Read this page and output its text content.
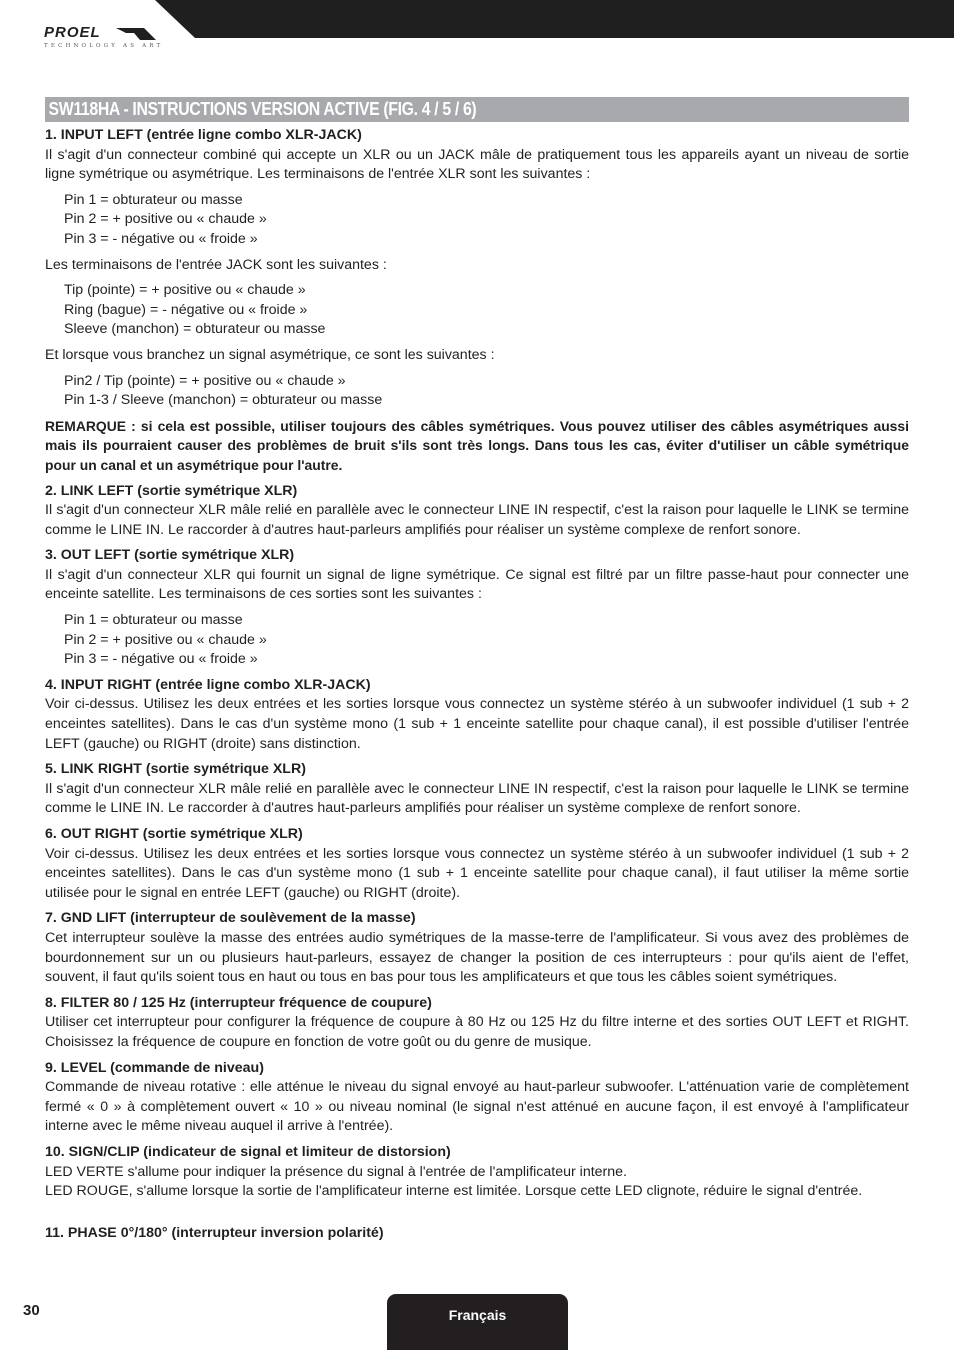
PROEL
TECHNOLOGY AS ART
SW118HA - INSTRUCTIONS VERSION ACTIVE (FIG. 4 / 5 / 6)

1. INPUT LEFT (entrée ligne combo XLR-JACK)

Il s'agit d'un connecteur combiné qui accepte un XLR ou un JACK mâle de pratiquement tous les appareils ayant un niveau de sortie ligne symétrique ou asymétrique. Les terminaisons de l'entrée XLR sont les suivantes :

Pin 1 = obturateur ou masse

Pin 2 = + positive ou « chaude »

Pin 3 = - négative ou « froide »

Les terminaisons de l'entrée JACK sont les suivantes :

Tip (pointe) = + positive ou « chaude »

Ring (bague) = - négative ou « froide »

Sleeve (manchon) = obturateur ou masse

Et lorsque vous branchez un signal asymétrique, ce sont les suivantes :

Pin2 / Tip (pointe) = + positive ou « chaude »

Pin 1-3 / Sleeve (manchon) = obturateur ou masse

REMARQUE : si cela est possible, utiliser toujours des câbles symétriques. Vous pouvez utiliser des câbles asymétriques aussi mais ils pourraient causer des problèmes de bruit s'ils sont très longs. Dans tous les cas, éviter d'utiliser un câble symétrique pour un canal et un asymétrique pour l'autre.

2. LINK LEFT (sortie symétrique XLR)

Il s'agit d'un connecteur XLR mâle relié en parallèle avec le connecteur LINE IN respectif, c'est la raison pour laquelle le LINK se termine comme le LINE IN. Le raccorder à d'autres haut-parleurs amplifiés pour réaliser un système complexe de renfort sonore.

3. OUT LEFT (sortie symétrique XLR)

Il s'agit d'un connecteur XLR qui fournit un signal de ligne symétrique. Ce signal est filtré par un filtre passe-haut pour connecter une enceinte satellite. Les terminaisons de ces sorties sont les suivantes :

Pin 1 = obturateur ou masse

Pin 2 = + positive ou « chaude »

Pin 3 = - négative ou « froide »

4. INPUT RIGHT (entrée ligne combo XLR-JACK)

Voir ci-dessus. Utilisez les deux entrées et les sorties lorsque vous connectez un système stéréo à un subwoofer individuel (1 sub + 2 enceintes satellites). Dans le cas d'un système mono (1 sub + 1 enceinte satellite pour chaque canal), il est possible d'utiliser l'entrée LEFT (gauche) ou RIGHT (droite) sans distinction.

5. LINK RIGHT (sortie symétrique XLR)

Il s'agit d'un connecteur XLR mâle relié en parallèle avec le connecteur LINE IN respectif, c'est la raison pour laquelle le LINK se termine comme le LINE IN. Le raccorder à d'autres haut-parleurs amplifiés pour réaliser un système complexe de renfort sonore.

6. OUT RIGHT (sortie symétrique XLR)

Voir ci-dessus. Utilisez les deux entrées et les sorties lorsque vous connectez un système stéréo à un subwoofer individuel (1 sub + 2 enceintes satellites). Dans le cas d'un système mono (1 sub + 1 enceinte satellite pour chaque canal), il faut utiliser la même sortie utilisée pour le signal en entrée LEFT (gauche) ou RIGHT (droite).

7. GND LIFT (interrupteur de soulèvement de la masse)

Cet interrupteur soulève la masse des entrées audio symétriques de la masse-terre de l'amplificateur. Si vous avez des problèmes de bourdonnement sur un ou plusieurs haut-parleurs, essayez de changer la position de ces interrupteurs : pour qu'ils aient de l'effet, souvent, il faut qu'ils soient tous en haut ou tous en bas pour tous les amplificateurs et que tous les câbles soient symétriques.

8. FILTER 80 / 125 Hz (interrupteur fréquence de coupure)

Utiliser cet interrupteur pour configurer la fréquence de coupure à 80 Hz ou 125 Hz du filtre interne et des sorties OUT LEFT et RIGHT. Choisissez la fréquence de coupure en fonction de votre goût ou du genre de musique.

9. LEVEL (commande de niveau)

Commande de niveau rotative : elle atténue le niveau du signal envoyé au haut-parleur subwoofer. L'atténuation varie de complètement fermé « 0 » à complètement ouvert « 10 » ou niveau nominal (le signal n'est atténué en aucune façon, il est envoyé à l'amplificateur interne avec le même niveau auquel il arrive à l'entrée).

10. SIGN/CLIP (indicateur de signal et limiteur de distorsion)

LED VERTE s'allume pour indiquer la présence du signal à l'entrée de l'amplificateur interne.

LED ROUGE, s'allume lorsque la sortie de l'amplificateur interne est limitée. Lorsque cette LED clignote, réduire le signal d'entrée.

11. PHASE 0°/180° (interrupteur inversion polarité)

30	Français
